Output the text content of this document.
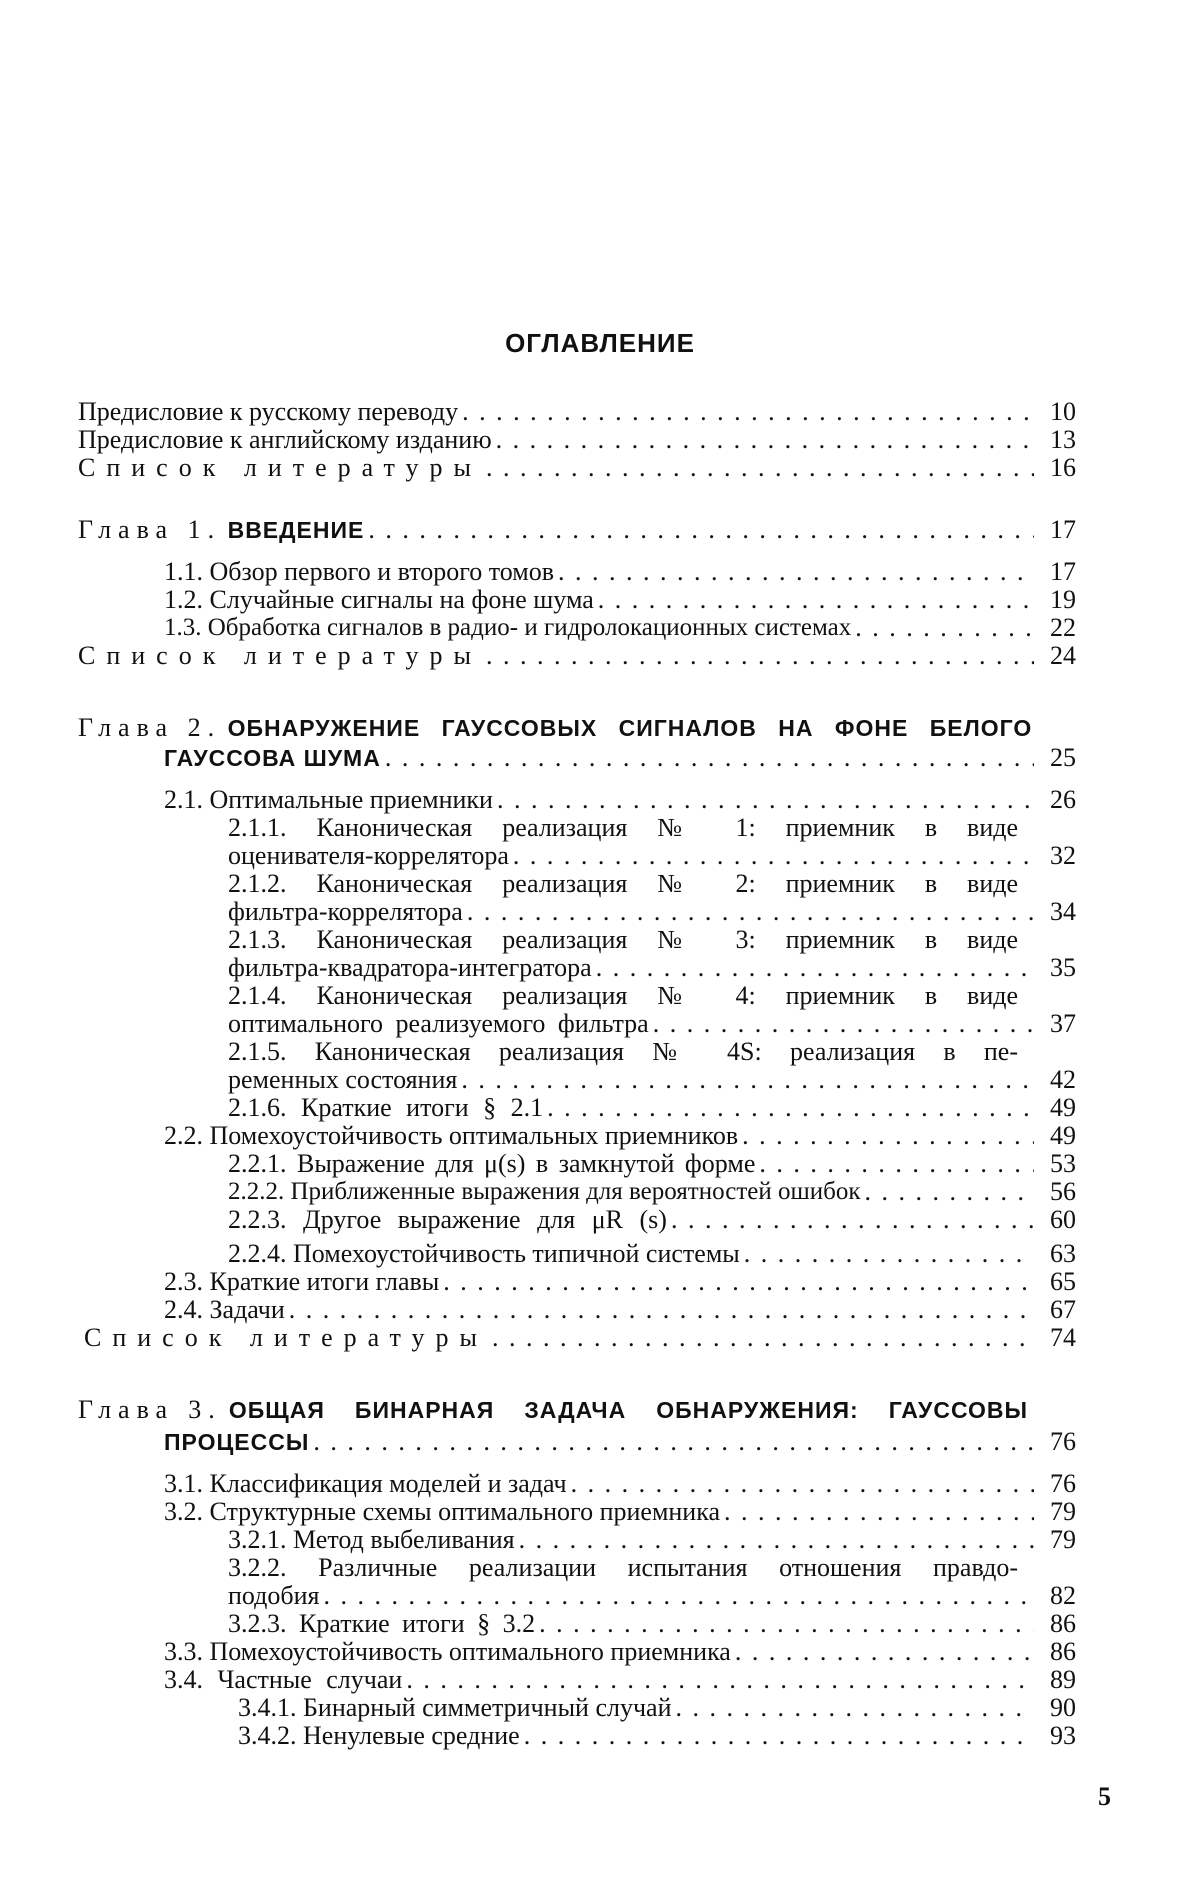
ОГЛАВЛЕНИЕ
Предисловие к русскому переводу . . .	10
Предисловие к английскому изданию . . .	13
Список литературы . . .	16
Глава 1. ВВЕДЕНИЕ . . .	17
1.1. Обзор первого и второго томов . . .	17
1.2. Случайные сигналы на фоне шума . . .	19
1.3. Обработка сигналов в радио- и гидролокационных системах . . .	22
Список литературы . . .	24
Глава 2. ОБНАРУЖЕНИЕ ГАУССОВЫХ СИГНАЛОВ НА ФОНЕ БЕЛОГО
ГАУССОВА ШУМА . . .	25
2.1. Оптимальные приемники . . .	26
2.1.1. Каноническая реализация № 1: приемник в виде
оценивателя-коррелятора . . .	32
2.1.2. Каноническая реализация № 2: приемник в виде
фильтра-коррелятора . . .	34
2.1.3. Каноническая реализация № 3: приемник в виде
фильтра-квадратора-интегратора . . .	35
2.1.4. Каноническая реализация № 4: приемник в виде
оптимального реализуемого фильтра . . .	37
2.1.5. Каноническая реализация № 4S: реализация в пе-
ременных состояния . . .	42
2.1.6. Краткие итоги § 2.1 . . .	49
2.2. Помехоустойчивость оптимальных приемников . . .	49
2.2.1. Выражение для μ(s) в замкнутой форме . . .	53
2.2.2. Приближенные выражения для вероятностей ошибок . . .	56
2.2.3. Другое выражение для μR (s) . . .	60
2.2.4. Помехоустойчивость типичной системы . . .	63
2.3. Краткие итоги главы . . .	65
2.4. Задачи . . .	67
Список литературы . . .	74
Глава 3. ОБЩАЯ БИНАРНАЯ ЗАДАЧА ОБНАРУЖЕНИЯ: ГАУССОВЫ
ПРОЦЕССЫ . . .	76
3.1. Классификация моделей и задач . . .	76
3.2. Структурные схемы оптимального приемника . . .	79
3.2.1. Метод выбеливания . . .	79
3.2.2. Различные реализации испытания отношения правдо-
подобия . . .	82
3.2.3. Краткие итоги § 3.2 . . .	86
3.3. Помехоустойчивость оптимального приемника . . .	86
3.4. Частные случаи . . .	89
3.4.1. Бинарный симметричный случай . . .	90
3.4.2. Ненулевые средние . . .	93
5
